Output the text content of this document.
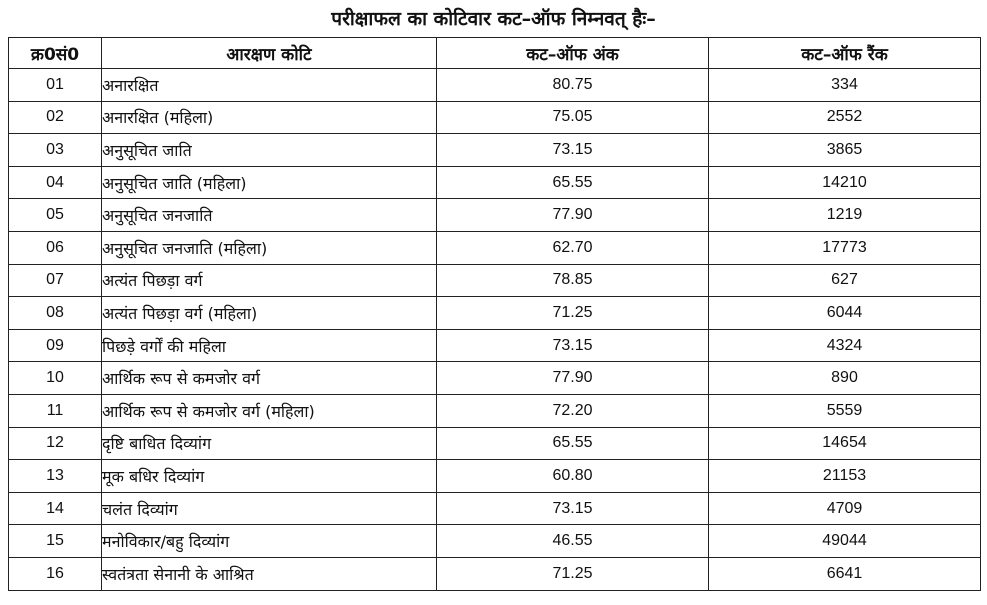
परीक्षाफल का कोटिवार कट–ऑफ निम्नवत् हैः–
क्र0सं0	आरक्षण कोटि	कट–ऑफ अंक	कट–ऑफ रैंक
01	अनारक्षित	80.75	334
02	अनारक्षित (महिला)	75.05	2552
03	अनुसूचित जाति	73.15	3865
04	अनुसूचित जाति (महिला)	65.55	14210
05	अनुसूचित जनजाति	77.90	1219
06	अनुसूचित जनजाति (महिला)	62.70	17773
07	अत्यंत पिछड़ा वर्ग	78.85	627
08	अत्यंत पिछड़ा वर्ग (महिला)	71.25	6044
09	पिछड़े वर्गों की महिला	73.15	4324
10	आर्थिक रूप से कमजोर वर्ग	77.90	890
11	आर्थिक रूप से कमजोर वर्ग (महिला)	72.20	5559
12	दृष्टि बाधित दिव्यांग	65.55	14654
13	मूक बधिर दिव्यांग	60.80	21153
14	चलंत दिव्यांग	73.15	4709
15	मनोविकार/बहु दिव्यांग	46.55	49044
16	स्वतंत्रता सेनानी के आश्रित	71.25	6641
